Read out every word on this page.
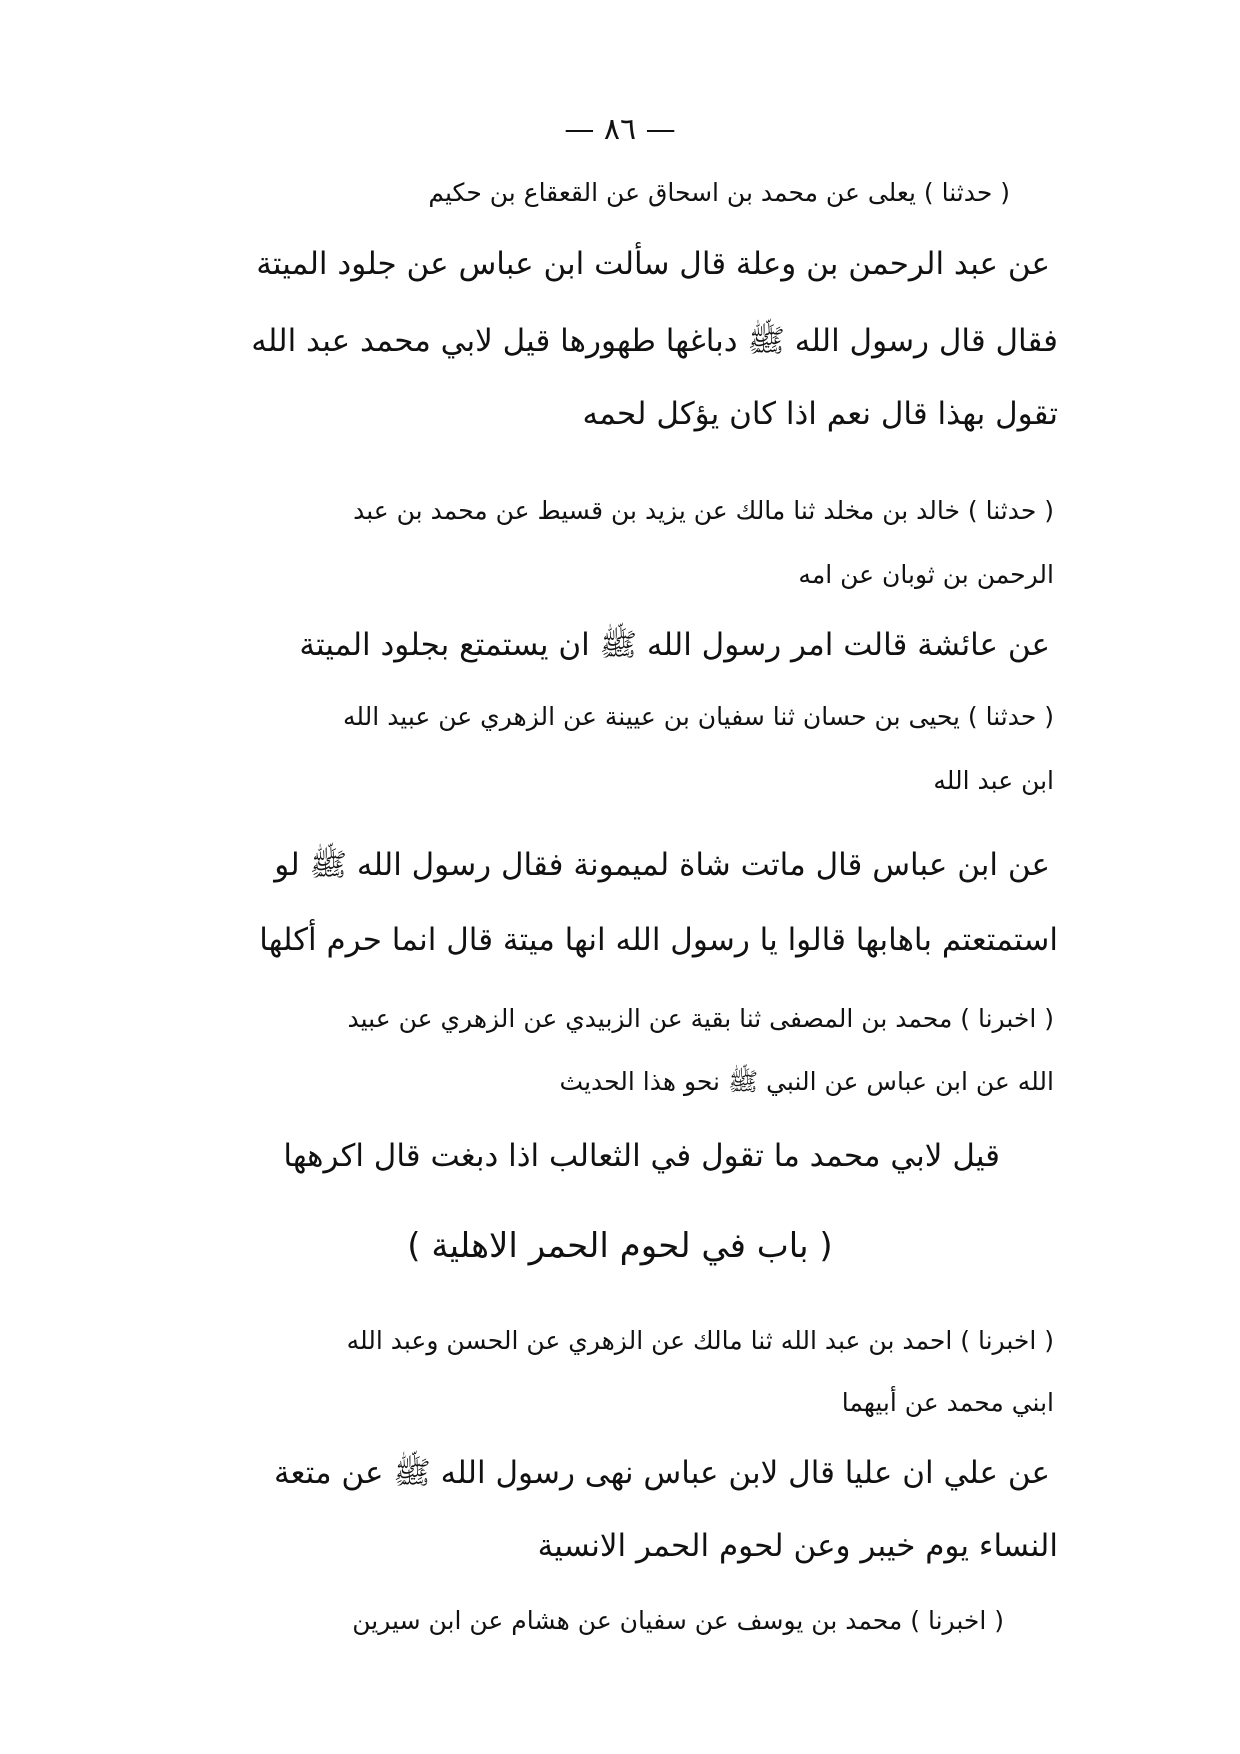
— ٨٦ —
( حدثنا ) يعلى عن محمد بن اسحاق عن القعقاع بن حكيم
عن عبد الرحمن بن وعلة قال سألت ابن عباس عن جلود الميتة
فقال قال رسول الله ﷺ دباغها طهورها قيل لابي محمد عبد الله
تقول بهذا قال نعم اذا كان يؤكل لحمه
( حدثنا ) خالد بن مخلد ثنا مالك عن يزيد بن قسيط عن محمد بن عبد
الرحمن بن ثوبان عن امه
عن عائشة قالت امر رسول الله ﷺ ان يستمتع بجلود الميتة
( حدثنا ) يحيى بن حسان ثنا سفيان بن عيينة عن الزهري عن عبيد الله
ابن عبد الله
عن ابن عباس قال ماتت شاة لميمونة فقال رسول الله ﷺ لو
استمتعتم باهابها قالوا يا رسول الله انها ميتة قال انما حرم أكلها
( اخبرنا ) محمد بن المصفى ثنا بقية عن الزبيدي عن الزهري عن عبيد
الله عن ابن عباس عن النبي ﷺ نحو هذا الحديث
قيل لابي محمد ما تقول في الثعالب اذا دبغت قال اكرهها
( باب في لحوم الحمر الاهلية )
( اخبرنا ) احمد بن عبد الله ثنا مالك عن الزهري عن الحسن وعبد الله
ابني محمد عن أبيهما
عن علي ان عليا قال لابن عباس نهى رسول الله ﷺ عن متعة
النساء يوم خيبر وعن لحوم الحمر الانسية
( اخبرنا ) محمد بن يوسف عن سفيان عن هشام عن ابن سيرين
